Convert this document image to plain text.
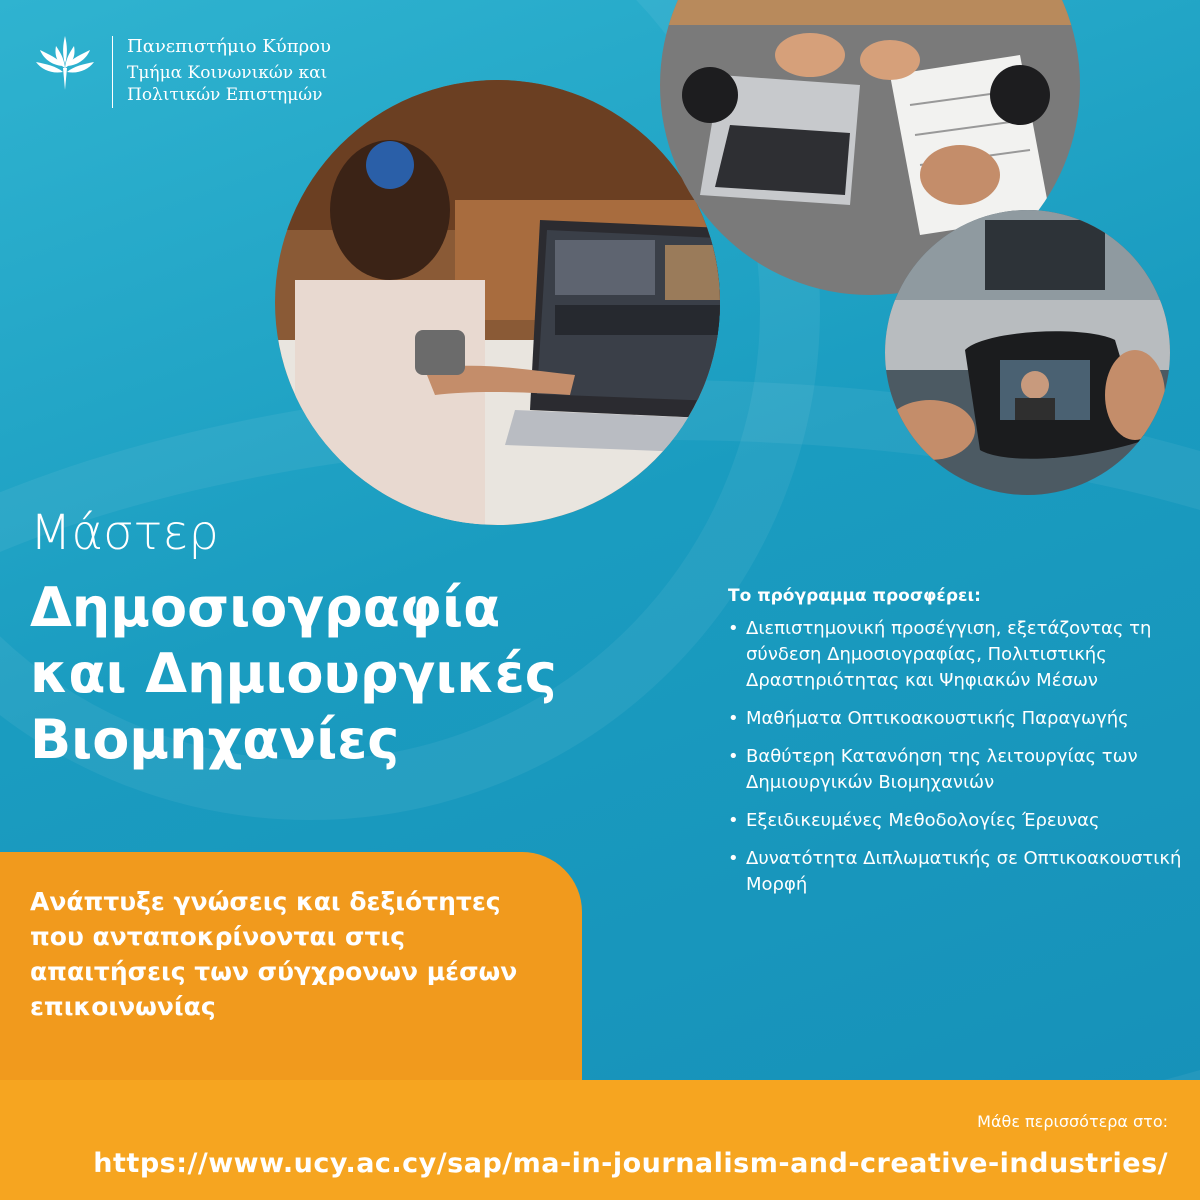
Πανεπιστήμιο Κύπρου
Τμήμα Κοινωνικών και
Πολιτικών Επιστημών
Μάστερ
Δημοσιογραφία
και Δημιουργικές
Βιομηχανίες
Το πρόγραμμα προσφέρει:
• Διεπιστημονική προσέγγιση, εξετάζοντας τη σύνδεση Δημοσιογραφίας, Πολιτιστικής Δραστηριότητας και Ψηφιακών Μέσων
• Μαθήματα Οπτικοακουστικής Παραγωγής
• Βαθύτερη Κατανόηση της λειτουργίας των Δημιουργικών Βιομηχανιών
• Εξειδικευμένες Μεθοδολογίες Έρευνας
• Δυνατότητα Διπλωματικής σε Οπτικοακουστική Μορφή
Ανάπτυξε γνώσεις και δεξιότητες που ανταποκρίνονται στις απαιτήσεις των σύγχρονων μέσων επικοινωνίας
Μάθε περισσότερα στο:
https://www.ucy.ac.cy/sap/ma-in-journalism-and-creative-industries/
